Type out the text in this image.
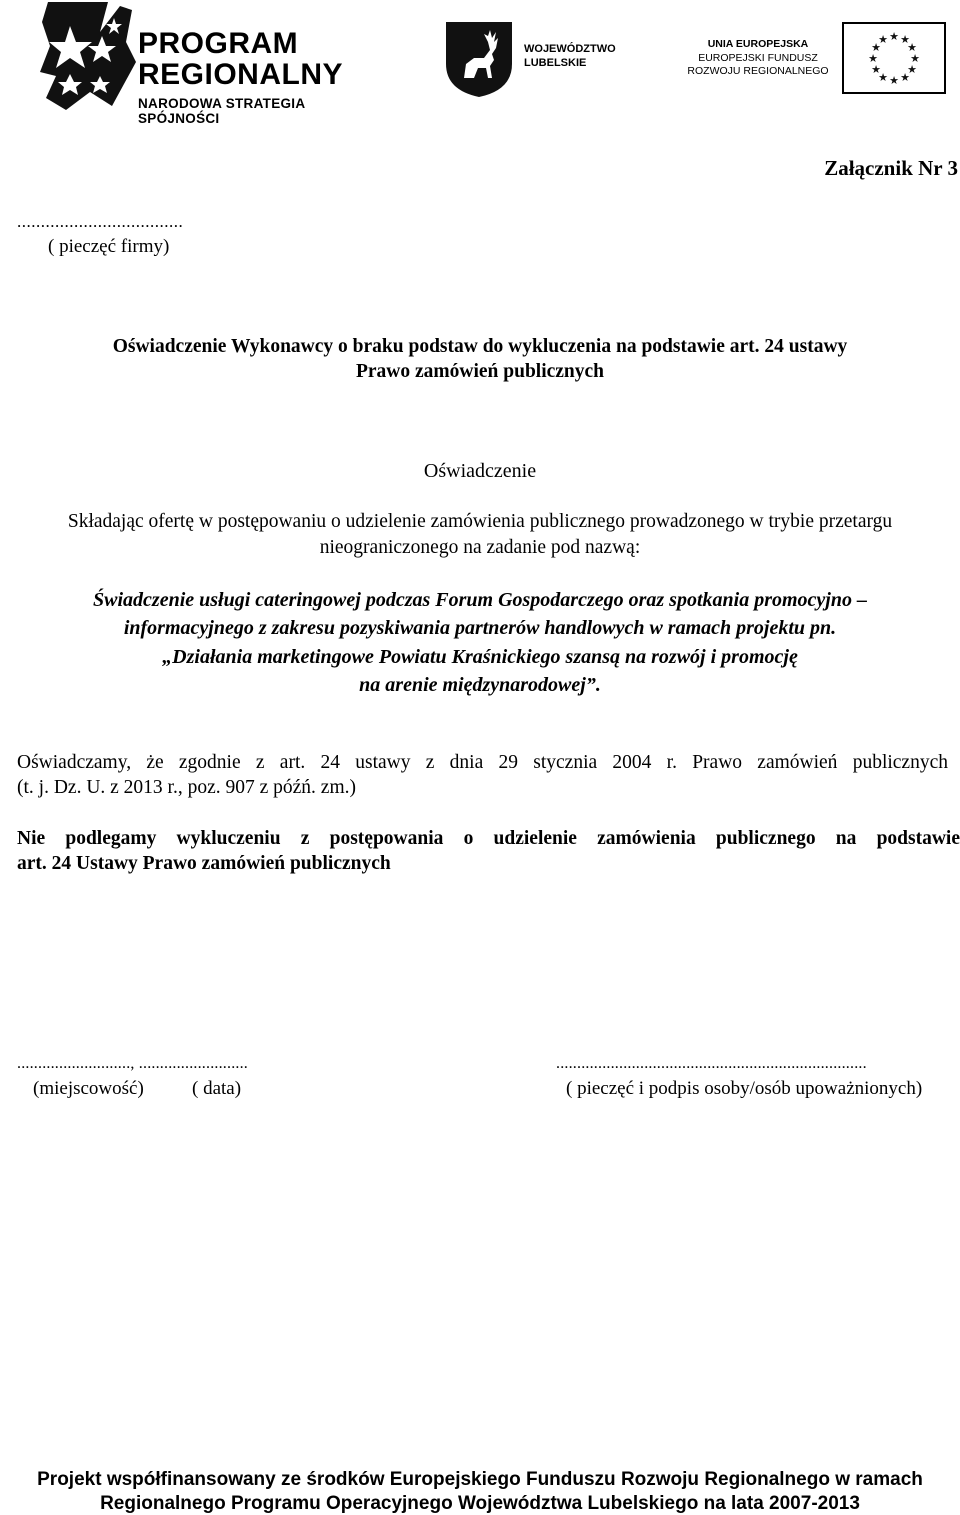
PROGRAM
REGIONALNY
NARODOWA STRATEGIA SPÓJNOŚCI
WOJEWÓDZTWO
LUBELSKIE
UNIA EUROPEJSKA
EUROPEJSKI FUNDUSZ
ROZWOJU REGIONALNEGO
★ ★
★
★
★
★
★
★
★
★
★
★
Załącznik Nr 3
...................................
( pieczęć firmy)
Oświadczenie Wykonawcy o braku podstaw do wykluczenia na podstawie art. 24 ustawy
Prawo zamówień publicznych
Oświadczenie
Składając ofertę w postępowaniu o udzielenie zamówienia publicznego prowadzonego w trybie przetargu
nieograniczonego na zadanie pod nazwą:
Świadczenie usługi cateringowej podczas Forum Gospodarczego oraz spotkania promocyjno –
informacyjnego z zakresu pozyskiwania partnerów handlowych w ramach projektu pn.
„Działania marketingowe Powiatu Kraśnickiego szansą na rozwój i promocję
na arenie międzynarodowej”.
Oświadczamy, że zgodnie z art. 24 ustawy z dnia 29 stycznia 2004 r. Prawo zamówień publicznych
(t. j. Dz. U. z 2013 r., poz. 907 z późń. zm.)
Nie podlegamy wykluczeniu z postępowania o udzielenie zamówienia publicznego na podstawie
art. 24 Ustawy Prawo zamówień publicznych
..........................., ..........................	..........................................................................
(miejscowość)	( data)	( pieczęć i podpis osoby/osób upoważnionych)
Projekt współfinansowany ze środków Europejskiego Funduszu Rozwoju Regionalnego w ramach
Regionalnego Programu Operacyjnego Województwa Lubelskiego na lata 2007-2013
